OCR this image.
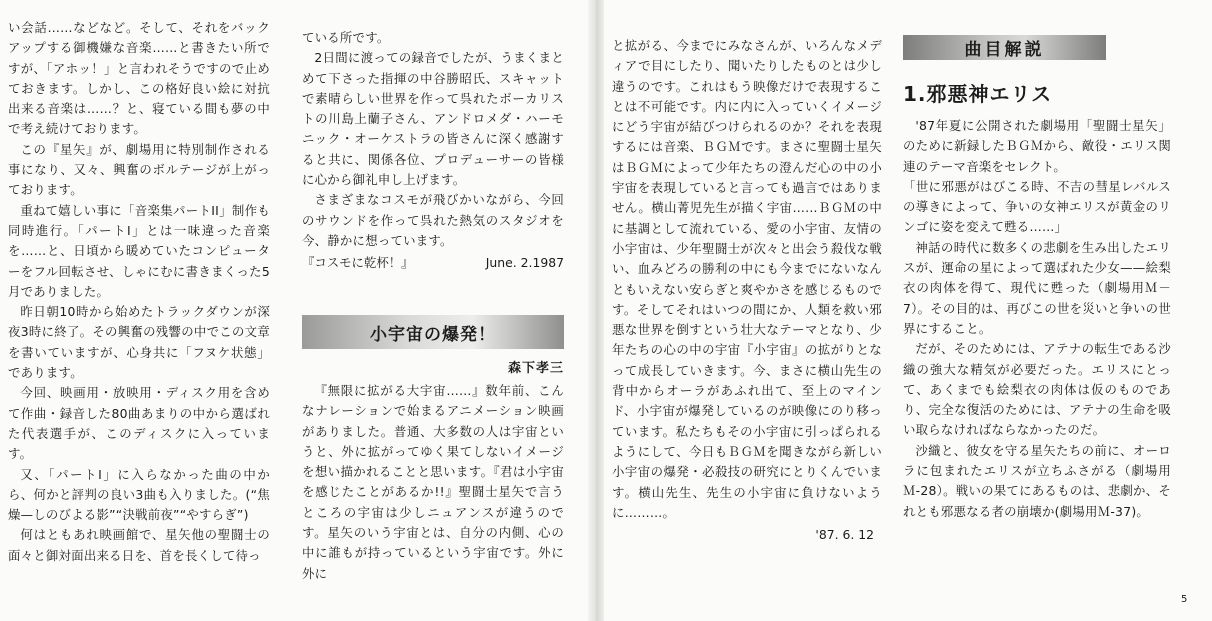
い会話……などなど。そして、それをバックアップする御機嫌な音楽……と書きたい所ですが、「アホッ！」と言われそうですので止めておきます。しかし、この格好良い絵に対抗出来る音楽は……？と、寝ている間も夢の中で考え続けております。

この『星矢』が、劇場用に特別制作される事になり、又々、興奮のボルテージが上がっております。

重ねて嬉しい事に「音楽集パートII」制作も同時進行。「パートI」とは一味違った音楽を……と、日頃から暖めていたコンピューターをフル回転させ、しゃにむに書きまくった5月でありました。

昨日朝10時から始めたトラックダウンが深夜3時に終了。その興奮の残響の中でこの文章を書いていますが、心身共に「フヌケ状態」であります。

今回、映画用・放映用・ディスク用を含めて作曲・録音した80曲あまりの中から選ばれた代表選手が、このディスクに入っています。

又、「パートI」に入らなかった曲の中から、何かと評判の良い3曲も入りました。(“焦燥—しのびよる影”“決戦前夜”“やすらぎ”)

何はともあれ映画館で、星矢他の聖闘士の面々と御対面出来る日を、首を長くして待っ

ている所です。

2日間に渡っての録音でしたが、うまくまとめて下さった指揮の中谷勝昭氏、スキャットで素晴らしい世界を作って呉れたボーカリストの川島上蘭子さん、アンドロメダ・ハーモニック・オーケストラの皆さんに深く感謝すると共に、関係各位、プロデューサーの皆様に心から御礼申し上げます。

さまざまなコスモが飛びかいながら、今回のサウンドを作って呉れた熱気のスタジオを今、静かに想っています。

『コスモに乾杯！』	June. 2.1987
小宇宙の爆発！
森下孝三

『無限に拡がる大宇宙……』数年前、こんなナレーションで始まるアニメーション映画がありました。普通、大多数の人は宇宙というと、外に拡がってゆく果てしないイメージを想い描かれることと思います。『君は小宇宙を感じたことがあるか!!』聖闘士星矢で言うところの宇宙は少しニュアンスが違うのです。星矢のいう宇宙とは、自分の内側、心の中に誰もが持っているという宇宙です。外に外に

と拡がる、今までにみなさんが、いろんなメディアで目にしたり、聞いたりしたものとは少し違うのです。これはもう映像だけで表現することは不可能です。内に内に入っていくイメージにどう宇宙が結びつけられるのか？それを表現するには音楽、ＢＧＭです。まさに聖闘士星矢はＢＧＭによって少年たちの澄んだ心の中の小宇宙を表現していると言っても過言ではありません。横山菁児先生が描く宇宙……ＢＧＭの中に基調として流れている、愛の小宇宙、友情の小宇宙は、少年聖闘士が次々と出会う殺伐な戦い、血みどろの勝利の中にも今までにないなんともいえない安らぎと爽やかさを感じるものです。そしてそれはいつの間にか、人類を救い邪悪な世界を倒すという壮大なテーマとなり、少年たちの心の中の宇宙『小宇宙』の拡がりとなって成長していきます。今、まさに横山先生の背中からオーラがあふれ出て、至上のマインド、小宇宙が爆発しているのが映像にのり移っています。私たちもその小宇宙に引っぱられるようにして、今日もＢＧＭを聞きながら新しい小宇宙の爆発・必殺技の研究にとりくんでいます。横山先生、先生の小宇宙に負けないように………。

'87. 6. 12
曲目解説
1.邪悪神エリス

'87年夏に公開された劇場用「聖闘士星矢」のために新録したＢＧＭから、敵役・エリス関連のテーマ音楽をセレクト。

「世に邪悪がはびこる時、不吉の彗星レバルスの導きによって、争いの女神エリスが黄金のリンゴに姿を変えて甦る……」

神話の時代に数多くの悲劇を生み出したエリスが、運命の星によって選ばれた少女——絵梨衣の肉体を得て、現代に甦った（劇場用Ｍ－7）。その目的は、再びこの世を災いと争いの世界にすること。

だが、そのためには、アテナの転生である沙織の強大な精気が必要だった。エリスにとって、あくまでも絵梨衣の肉体は仮のものであり、完全な復活のためには、アテナの生命を吸い取らなければならなかったのだ。

沙織と、彼女を守る星矢たちの前に、オーロラに包まれたエリスが立ちふさがる（劇場用Ｍ-28）。戦いの果てにあるものは、悲劇か、それとも邪悪なる者の崩壊か(劇場用Ｍ-37)。

5
